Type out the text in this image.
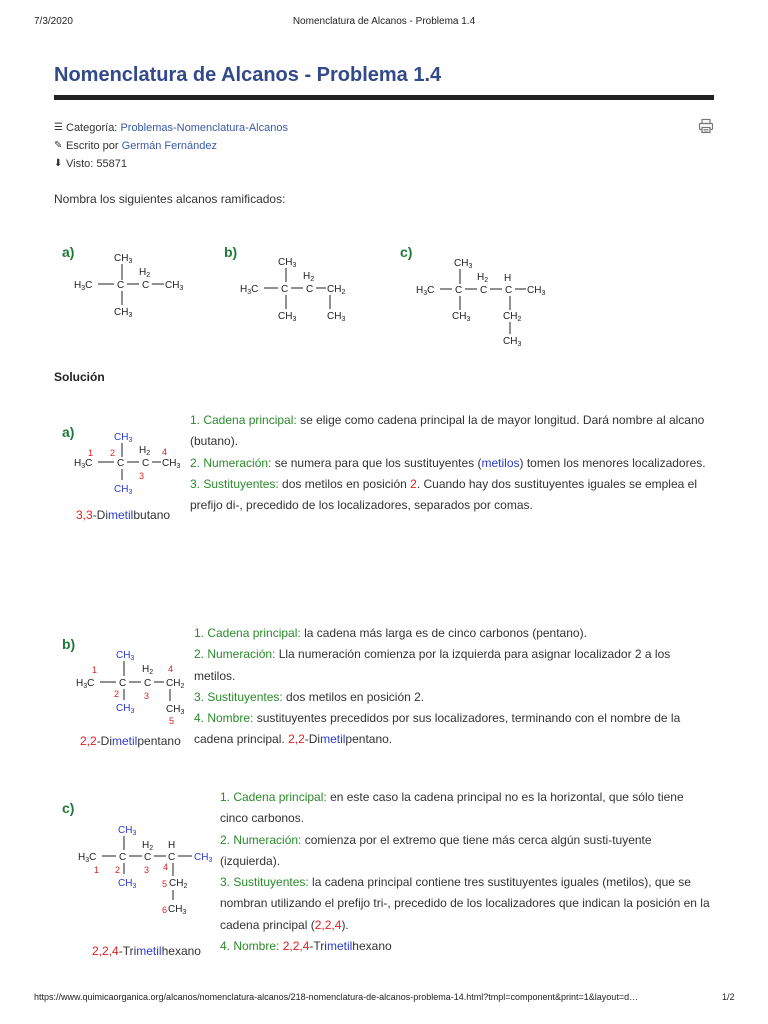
7/3/2020	Nomenclatura de Alcanos - Problema 1.4
Nomenclatura de Alcanos - Problema 1.4
☰ Categoría:
Problemas-Nomenclatura-Alcanos
✎ Escrito por
Germán Fernández
⬇ Visto:
55871
Nombra los siguientes alcanos ramificados:
a)	$CH_3$
$H_3C$ C
$H_2$
C $CH_3$
$CH_3$
b)
$CH_3$
$H_3C$ C
$H_2$
C $CH_2$
$CH_3$	$CH_3$
c)
$CH_3$
$H_3C$ C
$H_2$
C
H
C $CH_3$
$CH_3$	$CH_2$
$CH_3$
Solución
a)	$CH_3$
1 2
$H_3C$ C
$H_2$ 4
C $CH_3$
3
$CH_3$
3,3-Dimetilbutano
1. Cadena principal: se elige como cadena principal la de mayor longitud. Dará nombre al alcano (butano).
2. Numeración: se numera para que los sustituyentes (metilos) tomen los menores localizadores.
3. Sustituyentes: dos metilos en posición 2. Cuando hay dos sustituyentes iguales se emplea el prefijo di-, precedido de los localizadores, separados por comas.
b)
$CH_3$
1	$H_2$ 4
$H_3C$ C C $CH_2$
2	3
$CH_3$	$CH_3$
5
2,2-Dimetilpentano
1. Cadena principal: la cadena más larga es de cinco carbonos (pentano).
2. Numeración: Lla numeración comienza por la izquierda para asignar localizador 2 a los metilos.
3. Sustituyentes: dos metilos en posición 2.
4. Nombre: sustituyentes precedidos por sus localizadores, terminando con el nombre de la cadena principal. 2,2-Dimetilpentano.
c)
$CH_3$
$H_2$ H
$H_3C$ C C C $CH_3$
1 2	3 4
$CH_3$	5 $CH_2$
6 $CH_3$
2,2,4-Trimetilhexano
1. Cadena principal: en este caso la cadena principal no es la horizontal, que sólo tiene cinco carbonos.
2. Numeración: comienza por el extremo que tiene más cerca algún susti-tuyente (izquierda).
3. Sustituyentes: la cadena principal contiene tres sustituyentes iguales (metilos), que se nombran utilizando el prefijo tri-, precedido de los localizadores que indican la posición en la cadena principal (2,2,4).
4. Nombre: 2,2,4-Trimetilhexano
https://www.quimicaorganica.org/alcanos/nomenclatura-alcanos/218-nomenclatura-de-alcanos-problema-14.html?tmpl=component&print=1&layout=d…	1/2
